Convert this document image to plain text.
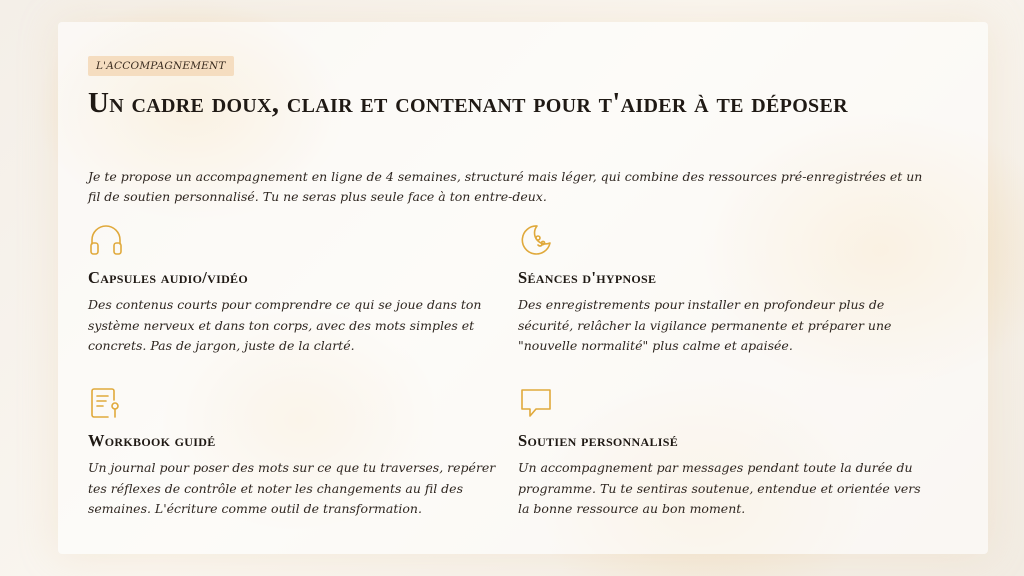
L'ACCOMPAGNEMENT
Un cadre doux, clair et contenant pour t'aider à te déposer

Je te propose un accompagnement en ligne de 4 semaines, structuré mais léger, qui combine des ressources pré-enregistrées et un fil de soutien personnalisé. Tu ne seras plus seule face à ton entre-deux.

Capsules audio/vidéo

Des contenus courts pour comprendre ce qui se joue dans ton système nerveux et dans ton corps, avec des mots simples et concrets. Pas de jargon, juste de la clarté.

Séances d'hypnose

Des enregistrements pour installer en profondeur plus de sécurité, relâcher la vigilance permanente et préparer une "nouvelle normalité" plus calme et apaisée.

Workbook guidé

Un journal pour poser des mots sur ce que tu traverses, repérer tes réflexes de contrôle et noter les changements au fil des semaines. L'écriture comme outil de transformation.

Soutien personnalisé

Un accompagnement par messages pendant toute la durée du programme. Tu te sentiras soutenue, entendue et orientée vers la bonne ressource au bon moment.
